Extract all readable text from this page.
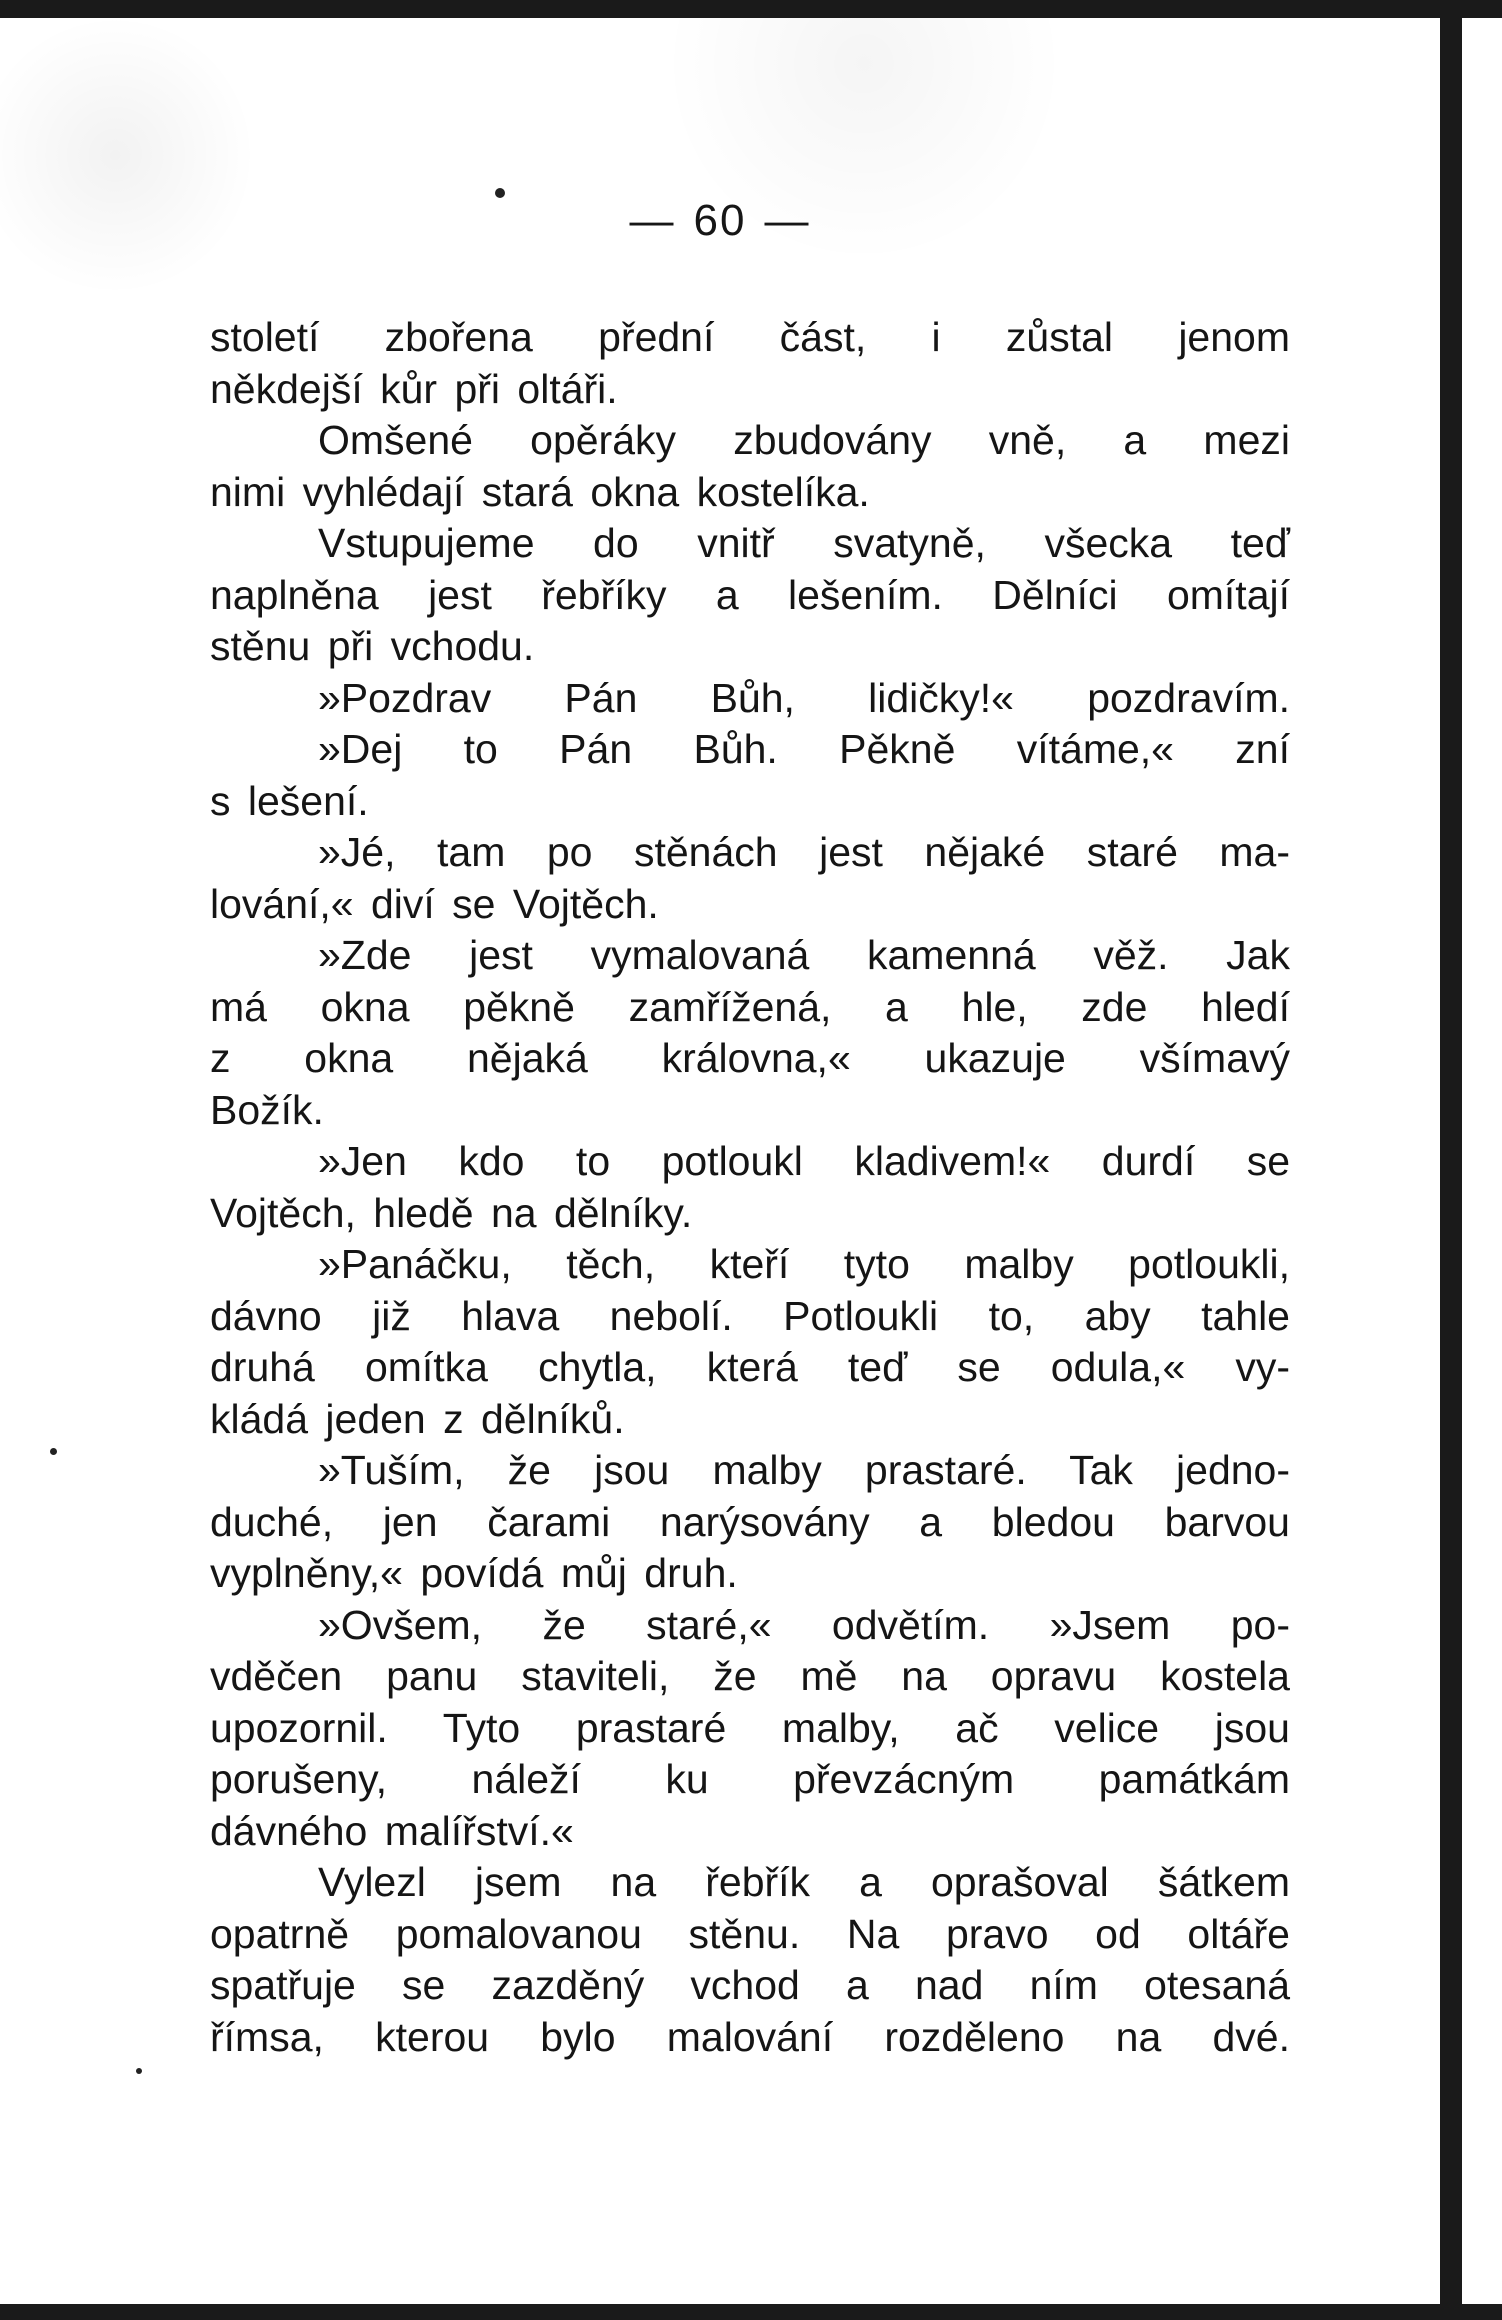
— 60 —

století zbořena přední část, i zůstal jenom
někdejší kůr při oltáři.

Omšené opěráky zbudovány vně, a mezi
nimi vyhlédají stará okna kostelíka.

Vstupujeme do vnitř svatyně, všecka teď
naplněna jest řebříky a lešením. Dělníci omítají
stěnu při vchodu.

»Pozdrav Pán Bůh, lidičky!« pozdravím.

»Dej to Pán Bůh. Pěkně vítáme,« zní
s lešení.

»Jé, tam po stěnách jest nějaké staré ma-
lování,« diví se Vojtěch.

»Zde jest vymalovaná kamenná věž. Jak
má okna pěkně zamřížená, a hle, zde hledí
z okna nějaká královna,« ukazuje všímavý
Božík.

»Jen kdo to potloukl kladivem!« durdí se
Vojtěch, hledě na dělníky.

»Panáčku, těch, kteří tyto malby potloukli,
dávno již hlava nebolí. Potloukli to, aby tahle
druhá omítka chytla, která teď se odula,« vy-
kládá jeden z dělníků.

»Tuším, že jsou malby prastaré. Tak jedno-
duché, jen čarami narýsovány a bledou barvou
vyplněny,« povídá můj druh.

»Ovšem, že staré,« odvětím. »Jsem po-
vděčen panu staviteli, že mě na opravu kostela
upozornil. Tyto prastaré malby, ač velice jsou
porušeny, náleží ku převzácným památkám
dávného malířství.«

Vylezl jsem na řebřík a oprašoval šátkem
opatrně pomalovanou stěnu. Na pravo od oltáře
spatřuje se zazděný vchod a nad ním otesaná
římsa, kterou bylo malování rozděleno na dvé.
